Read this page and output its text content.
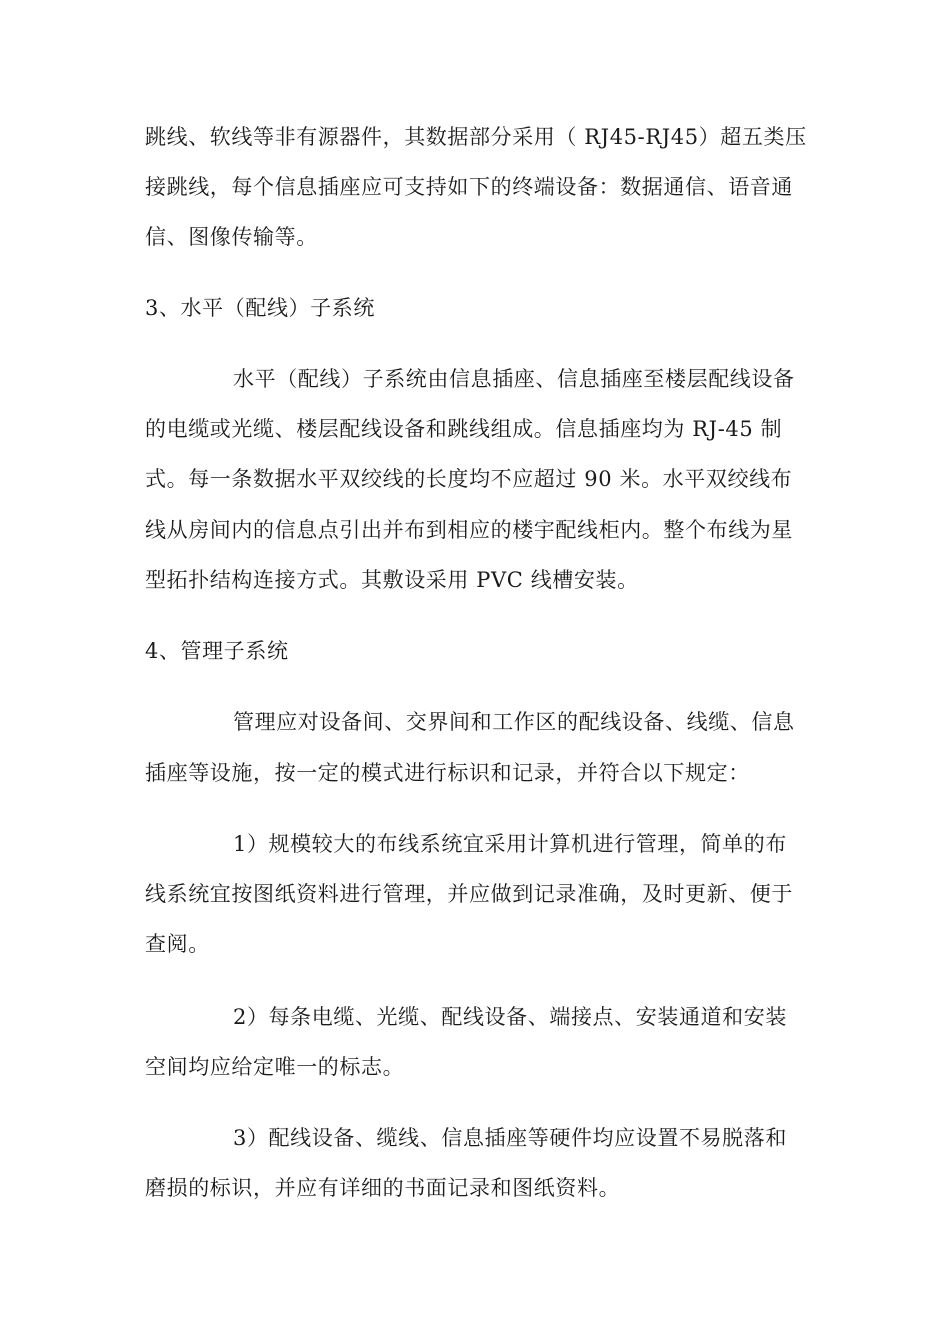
跳线、软线等非有源器件，其数据部分采用（ RJ45-RJ45）超五类压
接跳线，每个信息插座应可支持如下的终端设备：数据通信、语音通
信、图像传输等。
3、水平（配线）子系统
水平（配线）子系统由信息插座、信息插座至楼层配线设备
的电缆或光缆、楼层配线设备和跳线组成。信息插座均为 RJ-45 制
式。每一条数据水平双绞线的长度均不应超过 90 米。水平双绞线布
线从房间内的信息点引出并布到相应的楼宇配线柜内。整个布线为星
型拓扑结构连接方式。其敷设采用 PVC 线槽安装。
4、管理子系统
管理应对设备间、交界间和工作区的配线设备、线缆、信息
插座等设施，按一定的模式进行标识和记录，并符合以下规定：
1）规模较大的布线系统宜采用计算机进行管理，简单的布
线系统宜按图纸资料进行管理，并应做到记录准确，及时更新、便于
查阅。
2）每条电缆、光缆、配线设备、端接点、安装通道和安装
空间均应给定唯一的标志。
3）配线设备、缆线、信息插座等硬件均应设置不易脱落和
磨损的标识，并应有详细的书面记录和图纸资料。
